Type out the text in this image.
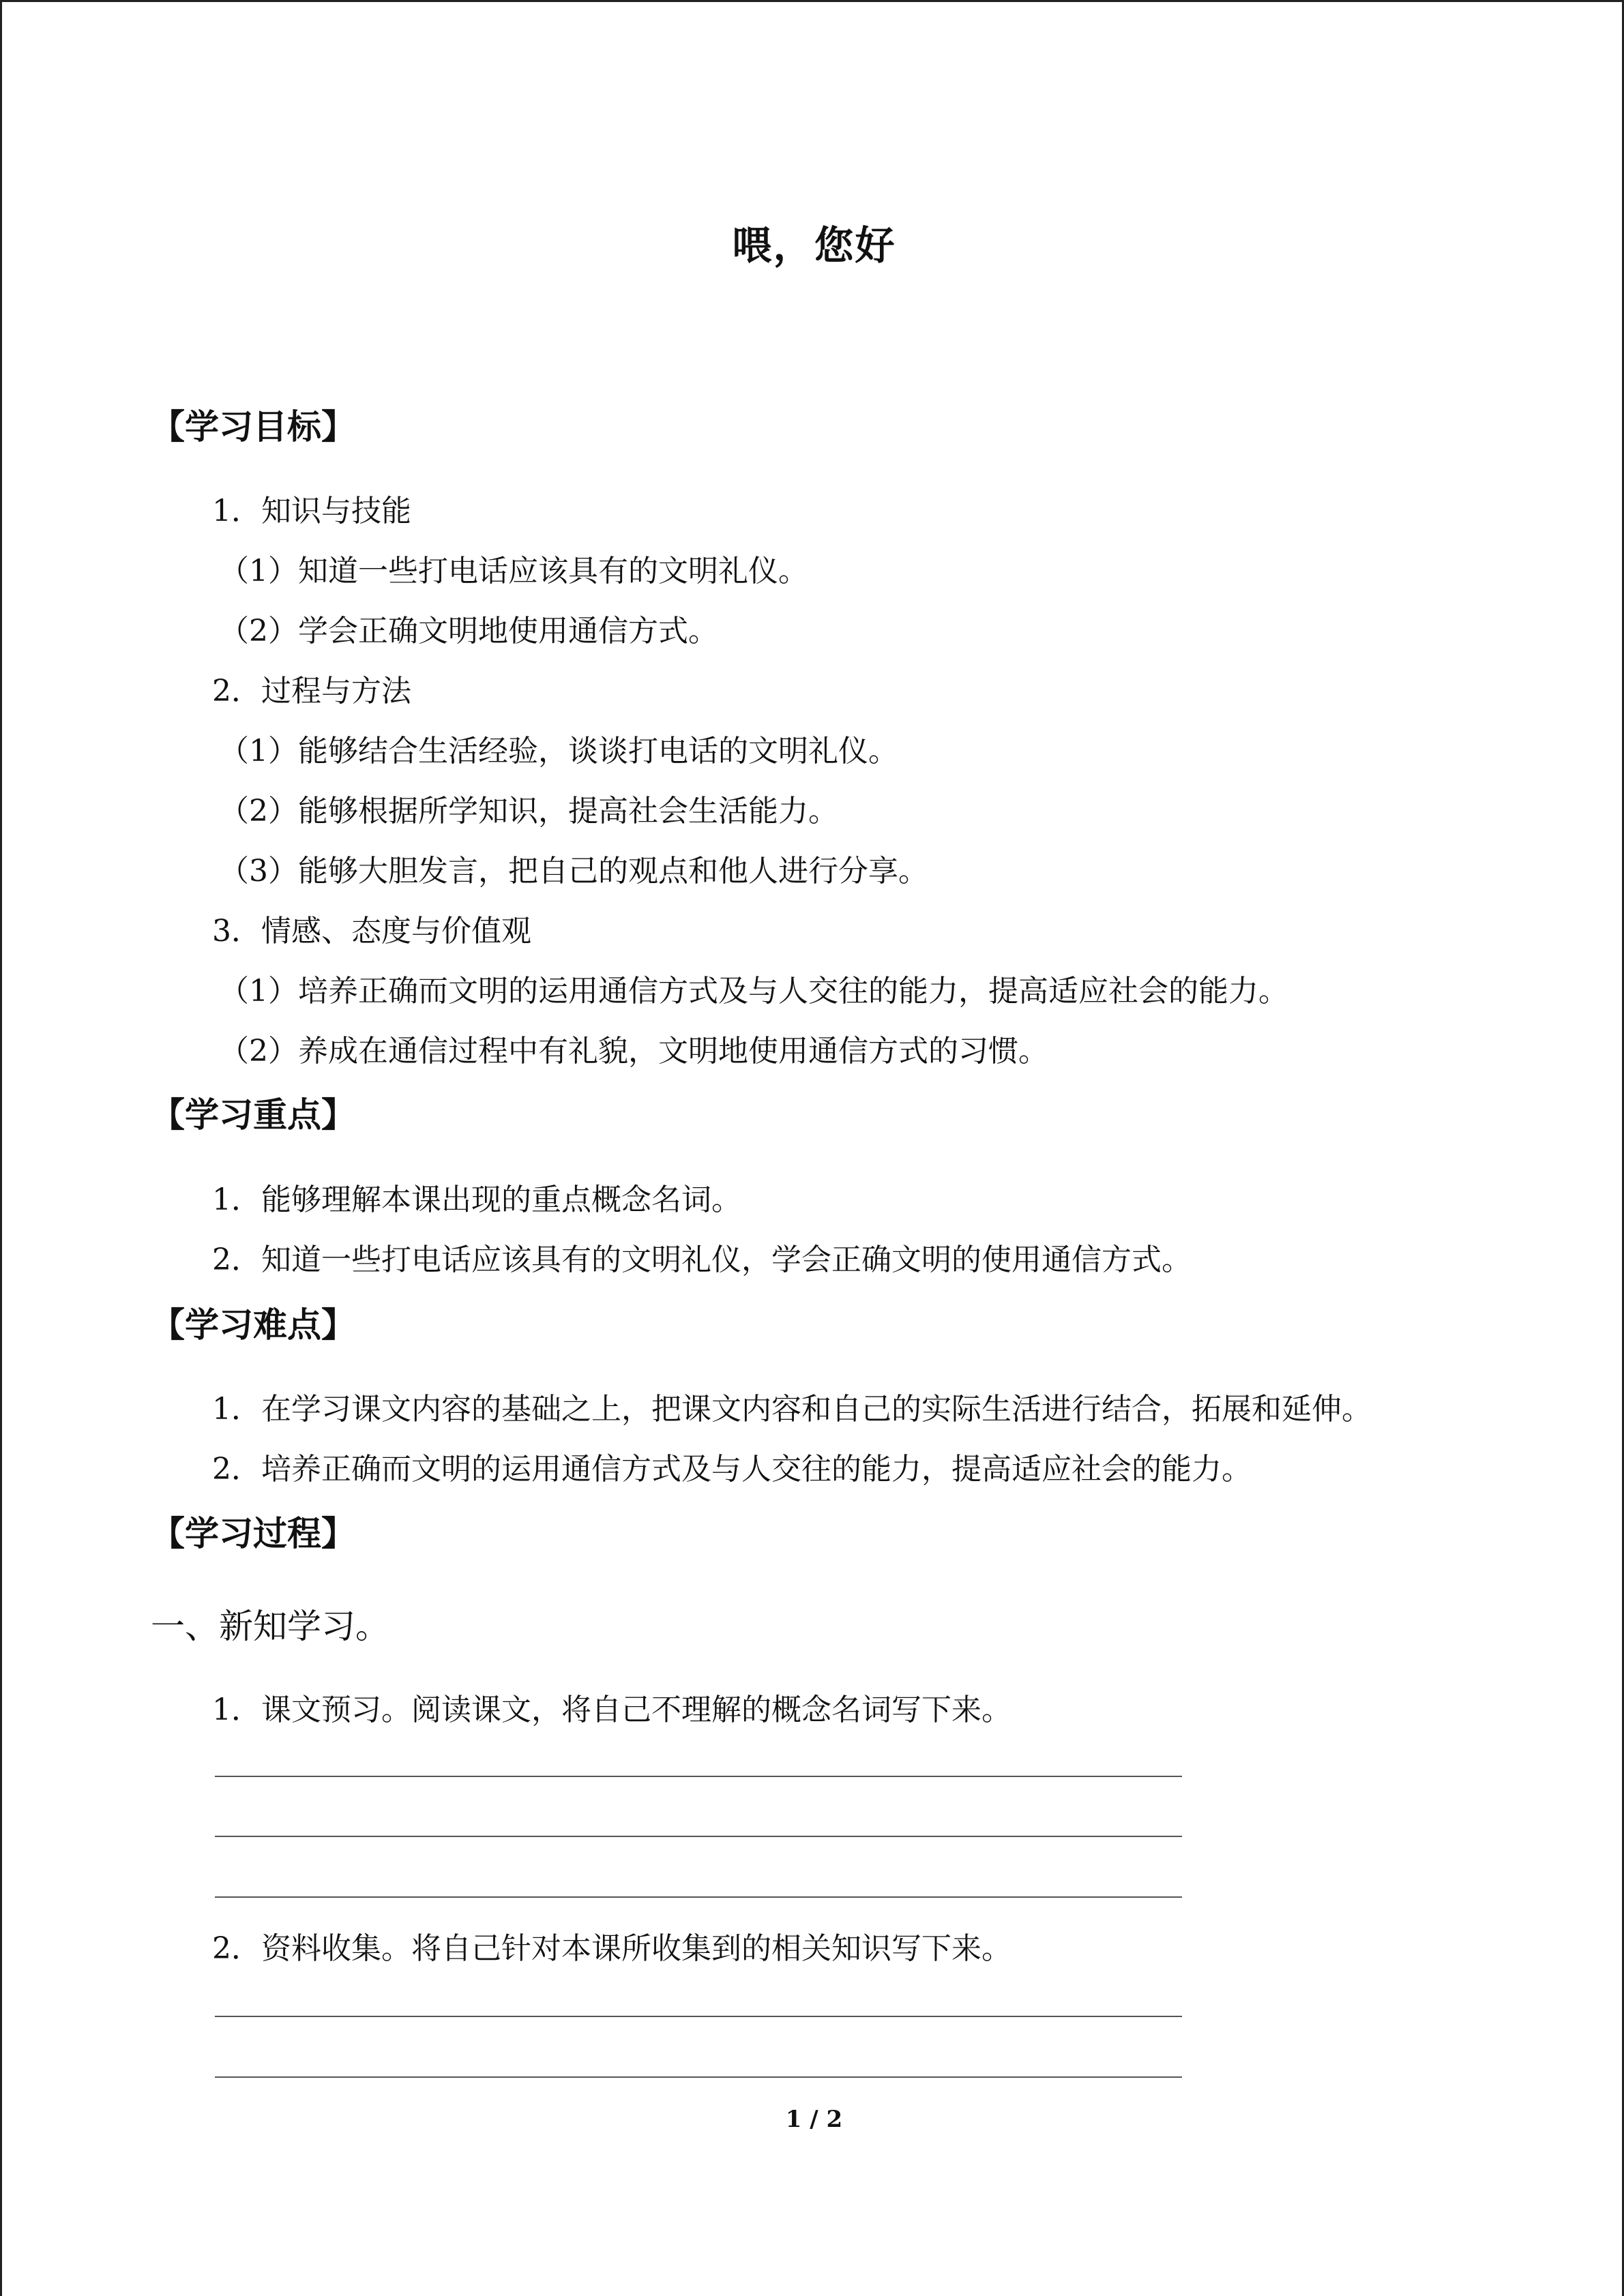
喂，您好
【学习目标】
1．知识与技能
（1）知道一些打电话应该具有的文明礼仪。
（2）学会正确文明地使用通信方式。
2．过程与方法
（1）能够结合生活经验，谈谈打电话的文明礼仪。
（2）能够根据所学知识，提高社会生活能力。
（3）能够大胆发言，把自己的观点和他人进行分享。
3．情感、态度与价值观
（1）培养正确而文明的运用通信方式及与人交往的能力，提高适应社会的能力。
（2）养成在通信过程中有礼貌，文明地使用通信方式的习惯。
【学习重点】
1．能够理解本课出现的重点概念名词。
2．知道一些打电话应该具有的文明礼仪，学会正确文明的使用通信方式。
【学习难点】
1．在学习课文内容的基础之上，把课文内容和自己的实际生活进行结合，拓展和延伸。
2．培养正确而文明的运用通信方式及与人交往的能力，提高适应社会的能力。
【学习过程】
一、新知学习。
1．课文预习。阅读课文，将自己不理解的概念名词写下来。
2．资料收集。将自己针对本课所收集到的相关知识写下来。
1 / 2
